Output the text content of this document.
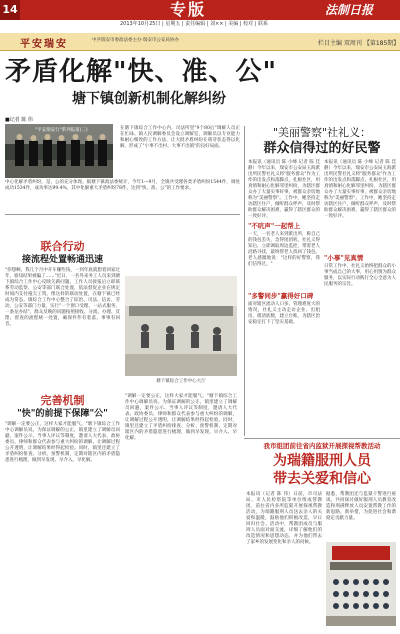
14	专版	法制日报
2013年10月25日 | 星期五 | 责任编辑 | 刘×× | 美编 | 校对 | 联系
平安瑞安	中共瑞安市委政法委主办 瑞安市公安局协办	栏目主编 双周刊 【第185期】
矛盾化解"快、准、公"
塘下镇创新机制化解纠纷
■记者 陈 伟
"平安瑞安行"系列报道(三)	在塘下镇综合工作中心内，司法所里"9个80后"调解人员正在忙碌。镇人民调解委员会设立调解室，调解员以专业能力和耐心细致的工作方法，让大批矛盾纠纷在萌芽状态得以化解，形成了"小事不出村、大事不出镇"的良好局面。
中心化解矛盾纠纷，是、公的充分体现。据塘下镇政法委统计，今年1—9月，全镇共受理各类矛盾纠纷1544件，调处成功1534件，成功率达99.4%，其中化解重大矛盾纠纷78件，达到"快、准、公"的工作要求。
联合行动
接流程处置畅通迅速
"你想啊，我几个月中开车赚些钱，一到年底就想着回家过年，谁知结果被骗了……"近日，一名外来务工人员来到塘下镇综合工作中心反映欠薪问题。工作人员接报后立即联系劳动监察、公安等部门联合处置，依法督促企业在规定时间内支付拖欠工资。像这样的联动处置，在塘下镇已经成为常态。镇综合工作中心整合了综治、司法、信访、劳动、公安等部门力量，实行"一个窗口受理、一站式服务、一条龙办结"，群众反映的问题按照接收、分流、办理、反馈、督查的流程统一处置，确保件件有着落、事事有回音。
塘下镇综合工作中心大厅
完善机制
"快"的前提下保障"公"
"调解一定要公正，这样大家才能服气。"塘下镇综合工作中心调解员说。为保证调解的公正，镇里建立了调解员回避、案件公示、当事人评议等制度，邀请人大代表、政协委员、律师和群众代表参与重大纠纷的调解，让调解过程公开透明，让调解结果经得起检验。同时，镇里还建立了矛盾纠纷排查、分析、预警机制，定期对辖区内的矛盾隐患进行梳理，做到早发现、早介入、早化解。
"调解一定要公正，这样大家才能服气。"塘下镇综合工作中心调解员说。为保证调解的公正，镇里建立了调解员回避、案件公示、当事人评议等制度，邀请人大代表、政协委员、律师和群众代表参与重大纠纷的调解，让调解过程公开透明，让调解结果经得起检验。同时，镇里还建立了矛盾纠纷排查、分析、预警机制，定期对辖区内的矛盾隐患进行梳理，做到早发现、早介入、早化解。
"美丽警察"社礼义：
群众信得过的好民警
本报讯（通讯员 陈 小峰 记者 陈 佳静）今年以来，瑞安市公安局玉海派出所民警社礼义将"服务群众"作为工作的出发点和落脚点，扎根社区，用真情和耐心化解邻里纠纷，为辖区群众办了大量实事好事，被群众亲切地称为"美丽警察"。工作中，她坚持走访辖区住户，倾听群众呼声，及时帮助群众解决困难，赢得了辖区群众的一致好评。
本报讯（通讯员 陈 小峰 记者 陈 佳静）今年以来，瑞安市公安局玉海派出所民警社礼义将"服务群众"作为工作的出发点和落脚点，扎根社区，用真情和耐心化解邻里纠纷，为辖区群众办了大量实事好事，被群众亲切地称为"美丽警察"。工作中，她坚持走访辖区住户，倾听群众呼声，及时帮助群众解决困难，赢得了辖区群众的一致好评。
"不吭声"一起帮上
一天，一名老人来到派出所，称自己的钱包丢失，急得团团转。社礼义得知后，立即调取周边监控，带着老人沿路寻找，最终帮老人找回了钱包。老人感激地说："这样的好警察，我们信得过。"
"多警同步"赢得好口碑
面对辖区流动人口多、管理难度大的情况，社礼义主动走访企业、出租房，摸清底数，建立台账，为辖区治安稳定打下了坚实基础。
"小事"见真情
日常工作中，社礼义始终把群众的小事当成自己的大事，用心用情为群众服务，以实际行动践行全心全意为人民服务的宗旨。
我市组团前往省内监狱开展探视帮教活动
为瑞籍服刑人员
带去关爱和信心
本报讯（记者 陈 伟）日前，市司法局、市人民检察院等单位组成帮教团，前往省内多所监狱开展探视帮教活动，为瑞籍服刑人员送去亲人的关爱和温暖，鼓励他们积极改造，早日回归社会。活动中，帮教团成员与服刑人员面对面交流，详细了解他们的改造情况和思想动态，并为他们带去了家乡的发展变化和亲人的问候。
据悉，帮教团还与监狱干警进行座谈，共同探讨做好服刑人员教育改造和刑满释放人员安置帮教工作的新思路、新举措，为促进社会和谐稳定贡献力量。
